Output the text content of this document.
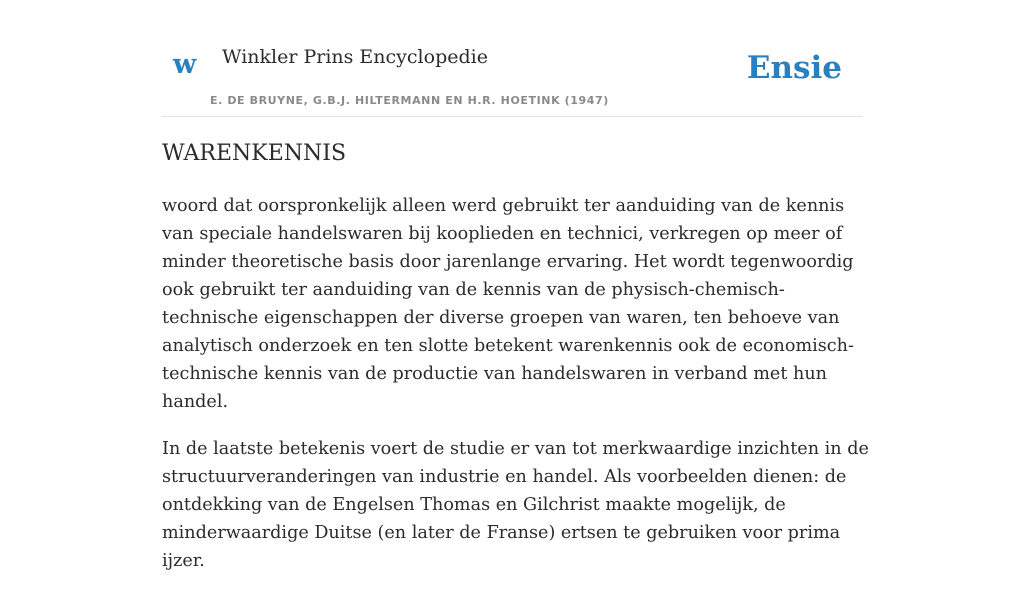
w Winkler Prins Encyclopedie
E. DE BRUYNE, G.B.J. HILTERMANN EN H.R. HOETINK (1947)
Ensie
WARENKENNIS

woord dat oorspronkelijk alleen werd gebruikt ter aanduiding van de kennis van speciale handelswaren bij kooplieden en technici, verkregen op meer of minder theoretische basis door jarenlange ervaring. Het wordt tegenwoordig ook gebruikt ter aanduiding van de kennis van de physisch-chemisch-technische eigenschappen der diverse groepen van waren, ten behoeve van analytisch onderzoek en ten slotte betekent warenkennis ook de economisch-technische kennis van de productie van handelswaren in verband met hun handel.

In de laatste betekenis voert de studie er van tot merkwaardige inzichten in de structuurveranderingen van industrie en handel. Als voorbeelden dienen: de ontdekking van de Engelsen Thomas en Gilchrist maakte mogelijk, de minderwaardige Duitse (en later de Franse) ertsen te gebruiken voor prima ijzer.
